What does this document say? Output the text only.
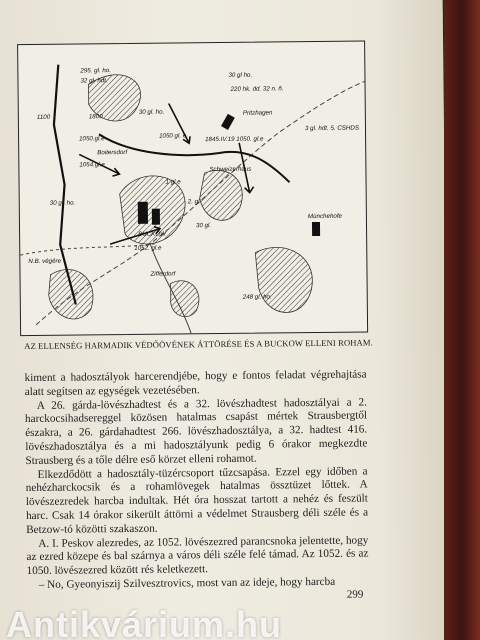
295. gl. ho.
32 gl. hdt.
1100	1800
1050.gl.e
1054.gl.e
Boitersdorf
30 gl. ho.
1050 gl. e.	1845.IV.19 1050. gl.e
30 gl ho.
220 hk. dd. 32 n. ñ.
Pritzhagen
3 gl. hdt. 5. CSHDS
Schweizerhaus
Münchehofe
BUCKOW
1052. gl.e
Zifferdorf
248 gl. ho.
30 gl.
N.B. végére
30 gl. ho.	2. gl.
1 gl.e
AZ ELLENSÉG HARMADIK VÉDŐÖVÉNEK ÁTTÖRÉSE ÉS A BUCKOW ELLENI ROHAM.

kiment a hadosztályok harcerendjébe, hogy e fontos feladat végrehajtása alatt segítsen az egységek vezetésében.

A 26. gárda-lövészhadtest és a 32. lövészhadtest hadosztályai a 2. harckocsihadsereggel közösen hatalmas csapást mértek Strausbergtől északra, a 26. gárdahadtest 266. lövészhadosztálya, a 32. hadtest 416. lövészhadosztálya és a mi hadosztályunk pedig 6 órakor megkezdte Strausberg és a tőle délre eső körzet elleni rohamot.

Elkezdődött a hadosztály-tüzércsoport tűzcsapása. Ezzel egy időben a nehézharckocsik és a rohamlövegek hatalmas össztüzet lőttek. A lövészezredek harcba indultak. Hét óra hosszat tartott a nehéz és feszült harc. Csak 14 órakor sikerült áttörni a védelmet Strausberg déli széle és a Betzow-tó közötti szakaszon.

A. I. Peskov alezredes, az 1052. lövészezred parancsnoka jelentette, hogy az ezred közepe és bal szárnya a város déli széle felé támad. Az 1052. és az 1050. lövészezred között rés keletkezett.

– No, Gyeonyiszij Szilvesztrovics, most van az ideje, hogy harcba

299
Antikvárium.hu
